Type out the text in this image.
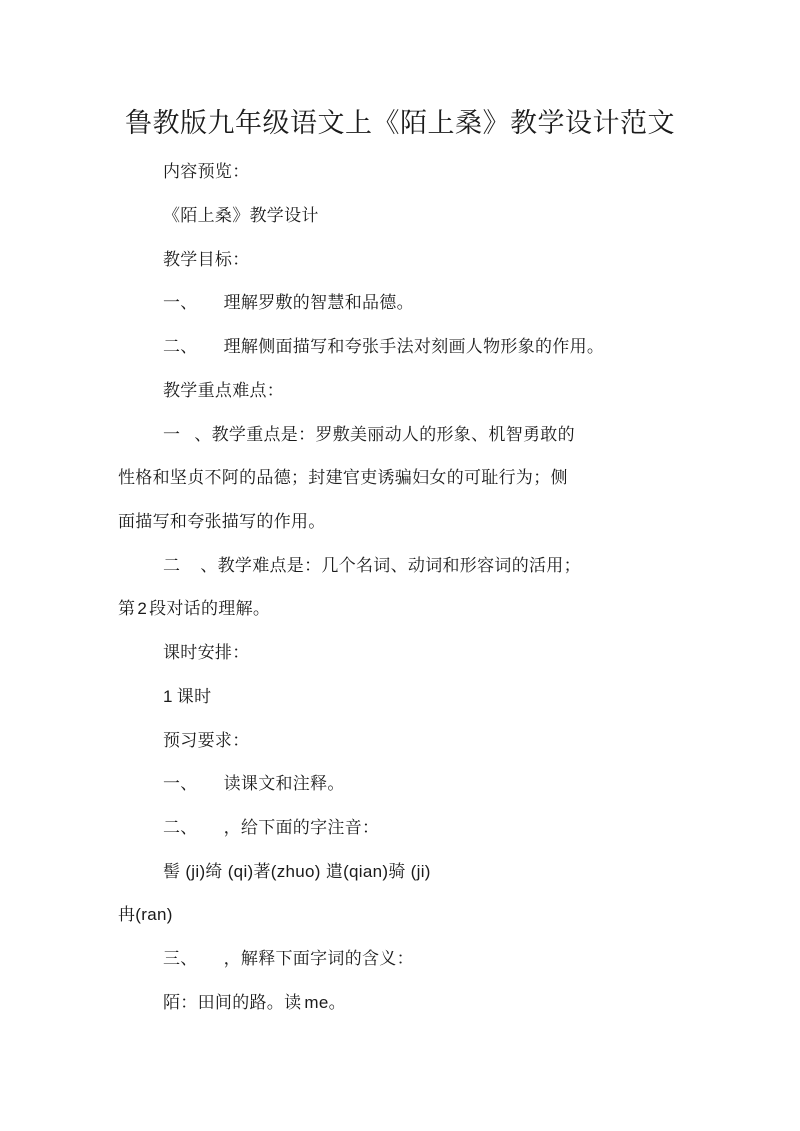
鲁教版九年级语文上《陌上桑》教学设计范文
内容预览：
《陌上桑》教学设计
教学目标：
一、 理解罗敷的智慧和品德。
二、 理解侧面描写和夸张手法对刻画人物形象的作用。
教学重点难点：
一 、教学重点是：罗敷美丽动人的形象、机智勇敢的
性格和坚贞不阿的品德；封建官吏诱骗妇女的可耻行为；侧
面描写和夸张描写的作用。
二 、教学难点是：几个名词、动词和形容词的活用；
第 2 段对话的理解。
课时安排：
1 课时
预习要求：
一、 读课文和注释。
二、 ，给下面的字注音：
髻 (ji)绮 (qi)著(zhuo) 遣(qian)骑 (ji)
冉(ran)
三、 ，解释下面字词的含义：
陌：田间的路。读 me。
